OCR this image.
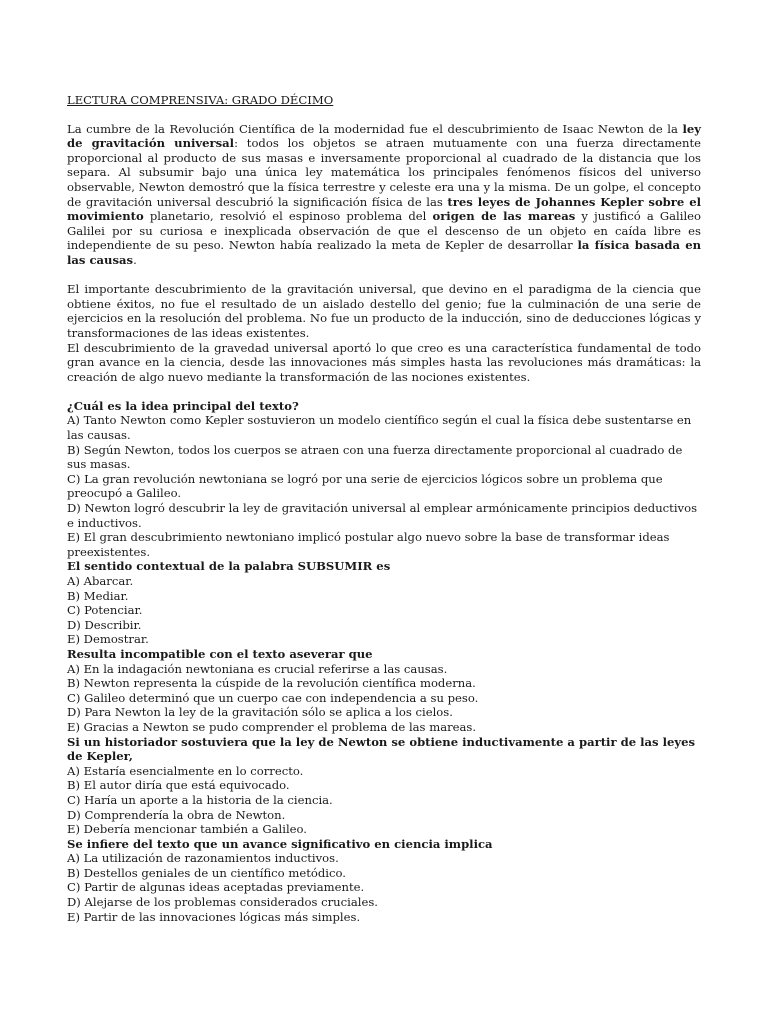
LECTURA COMPRENSIVA: GRADO DÉCIMO

La cumbre de la Revolución Científica de la modernidad fue el descubrimiento de Isaac Newton de la ley de gravitación universal: todos los objetos se atraen mutuamente con una fuerza directamente proporcional al producto de sus masas e inversamente proporcional al cuadrado de la distancia que los separa. Al subsumir bajo una única ley matemática los principales fenómenos físicos del universo observable, Newton demostró que la física terrestre y celeste era una y la misma. De un golpe, el concepto de gravitación universal descubrió la significación física de las tres leyes de Johannes Kepler sobre el movimiento planetario, resolvió el espinoso problema del origen de las mareas y justificó a Galileo Galilei por su curiosa e inexplicada observación de que el descenso de un objeto en caída libre es independiente de su peso. Newton había realizado la meta de Kepler de desarrollar la física basada en las causas.

El importante descubrimiento de la gravitación universal, que devino en el paradigma de la ciencia que obtiene éxitos, no fue el resultado de un aislado destello del genio; fue la culminación de una serie de ejercicios en la resolución del problema. No fue un producto de la inducción, sino de deducciones lógicas y transformaciones de las ideas existentes.

El descubrimiento de la gravedad universal aportó lo que creo es una característica fundamental de todo gran avance en la ciencia, desde las innovaciones más simples hasta las revoluciones más dramáticas: la creación de algo nuevo mediante la transformación de las nociones existentes.

¿Cuál es la idea principal del texto?

A) Tanto Newton como Kepler sostuvieron un modelo científico según el cual la física debe sustentarse en las causas.

B) Según Newton, todos los cuerpos se atraen con una fuerza directamente proporcional al cuadrado de sus masas.

C) La gran revolución newtoniana se logró por una serie de ejercicios lógicos sobre un problema que preocupó a Galileo.

D) Newton logró descubrir la ley de gravitación universal al emplear armónicamente principios deductivos e inductivos.

E) El gran descubrimiento newtoniano implicó postular algo nuevo sobre la base de transformar ideas preexistentes.

El sentido contextual de la palabra SUBSUMIR es

A) Abarcar.

B) Mediar.

C) Potenciar.

D) Describir.

E) Demostrar.

Resulta incompatible con el texto aseverar que

A) En la indagación newtoniana es crucial referirse a las causas.

B) Newton representa la cúspide de la revolución científica moderna.

C) Galileo determinó que un cuerpo cae con independencia a su peso.

D) Para Newton la ley de la gravitación sólo se aplica a los cielos.

E) Gracias a Newton se pudo comprender el problema de las mareas.

Si un historiador sostuviera que la ley de Newton se obtiene inductivamente a partir de las leyes de Kepler,

A) Estaría esencialmente en lo correcto.

B) El autor diría que está equivocado.

C) Haría un aporte a la historia de la ciencia.

D) Comprendería la obra de Newton.

E) Debería mencionar también a Galileo.

Se infiere del texto que un avance significativo en ciencia implica

A) La utilización de razonamientos inductivos.

B) Destellos geniales de un científico metódico.

C) Partir de algunas ideas aceptadas previamente.

D) Alejarse de los problemas considerados cruciales.

E) Partir de las innovaciones lógicas más simples.
